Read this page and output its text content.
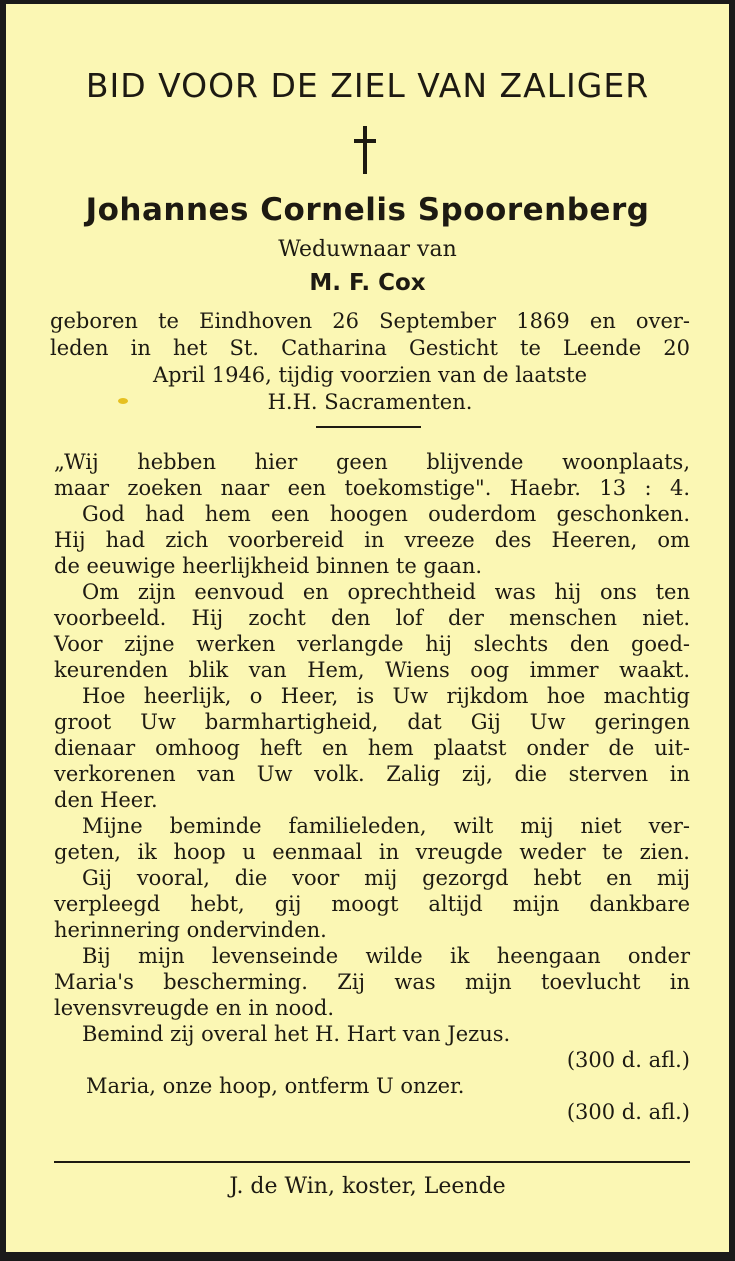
BID VOOR DE ZIEL VAN ZALIGER
Johannes Cornelis Spoorenberg
Weduwnaar van
M. F. Cox
geboren te Eindhoven 26 September 1869 en over-
leden in het St. Catharina Gesticht te Leende 20
April 1946, tijdig voorzien van de laatste
H.H. Sacramenten.
„Wij hebben hier geen blijvende woonplaats,
maar zoeken naar een toekomstige". Haebr. 13 : 4.
God had hem een hoogen ouderdom geschonken.
Hij had zich voorbereid in vreeze des Heeren, om
de eeuwige heerlijkheid binnen te gaan.
Om zijn eenvoud en oprechtheid was hij ons ten
voorbeeld. Hij zocht den lof der menschen niet.
Voor zijne werken verlangde hij slechts den goed-
keurenden blik van Hem, Wiens oog immer waakt.
Hoe heerlijk, o Heer, is Uw rijkdom hoe machtig
groot Uw barmhartigheid, dat Gij Uw geringen
dienaar omhoog heft en hem plaatst onder de uit-
verkorenen van Uw volk. Zalig zij, die sterven in
den Heer.
Mijne beminde familieleden, wilt mij niet ver-
geten, ik hoop u eenmaal in vreugde weder te zien.
Gij vooral, die voor mij gezorgd hebt en mij
verpleegd hebt, gij moogt altijd mijn dankbare
herinnering ondervinden.
Bij mijn levenseinde wilde ik heengaan onder
Maria's bescherming. Zij was mijn toevlucht in
levensvreugde en in nood.
Bemind zij overal het H. Hart van Jezus.
(300 d. afl.)
Maria, onze hoop, ontferm U onzer.
(300 d. afl.)
J. de Win, koster, Leende
